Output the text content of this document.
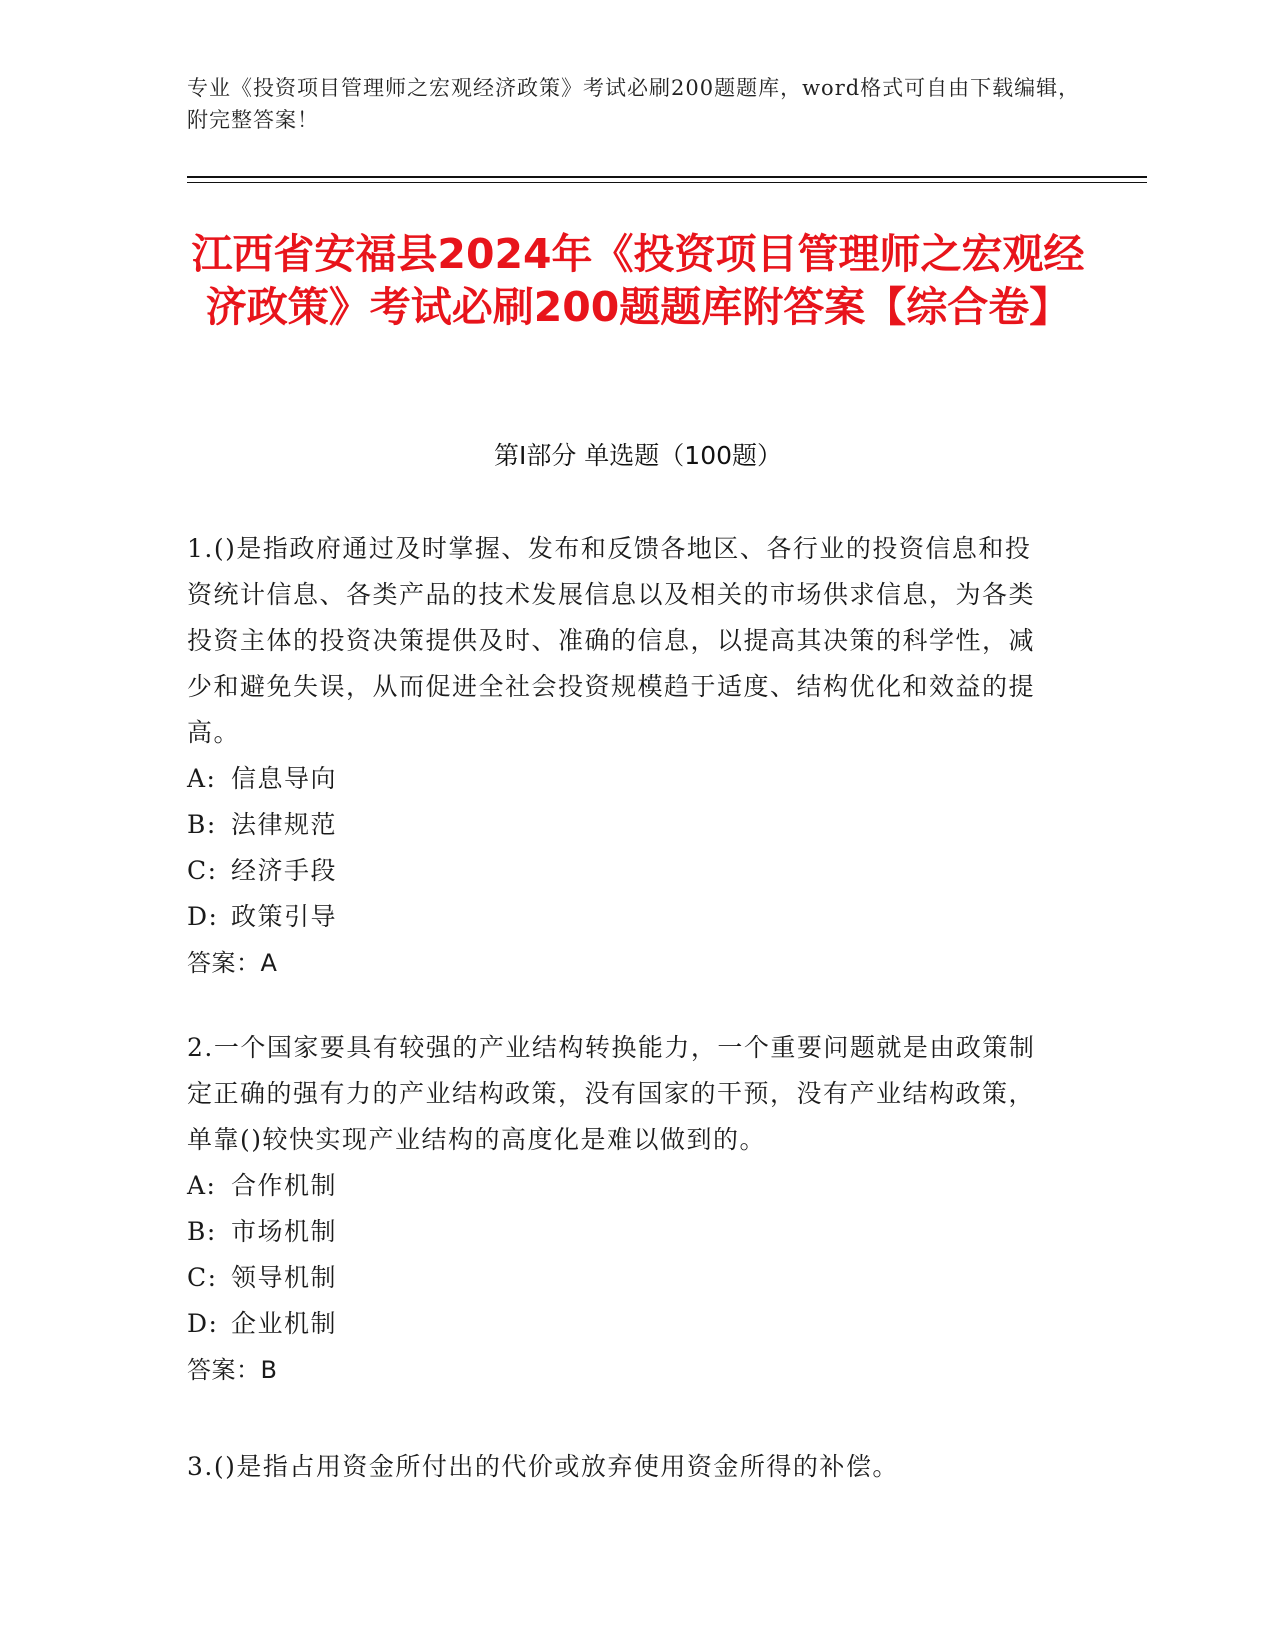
专业《投资项目管理师之宏观经济政策》考试必刷200题题库，word格式可自由下载编辑，附完整答案！
江西省安福县2024年《投资项目管理师之宏观经济政策》考试必刷200题题库附答案【综合卷】
第Ⅰ部分 单选题（100题）

1.()是指政府通过及时掌握、发布和反馈各地区、各行业的投资信息和投资统计信息、各类产品的技术发展信息以及相关的市场供求信息，为各类投资主体的投资决策提供及时、准确的信息，以提高其决策的科学性，减少和避免失误，从而促进全社会投资规模趋于适度、结构优化和效益的提高。

A: 信息导向

B: 法律规范

C: 经济手段

D: 政策引导

答案：A

2.一个国家要具有较强的产业结构转换能力，一个重要问题就是由政策制定正确的强有力的产业结构政策，没有国家的干预，没有产业结构政策，单靠()较快实现产业结构的高度化是难以做到的。

A: 合作机制

B: 市场机制

C: 领导机制

D: 企业机制

答案：B

3.()是指占用资金所付出的代价或放弃使用资金所得的补偿。
